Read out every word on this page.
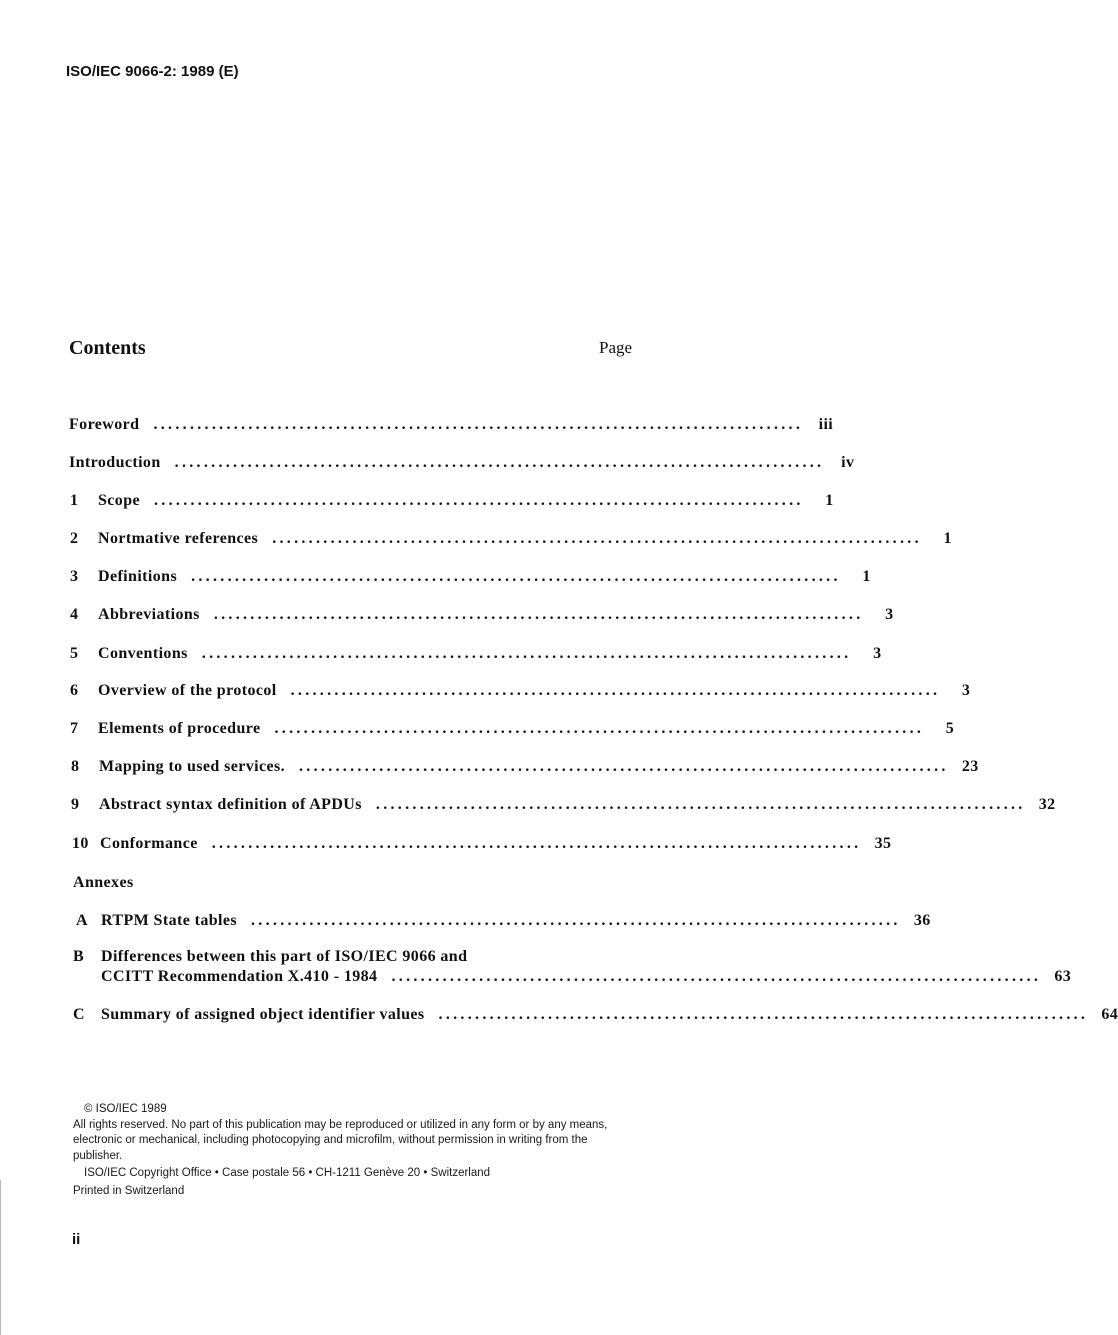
ISO/IEC 9066-2: 1989 (E)
Contents	Page
Foreword ......................................................................................... iii
Introduction .........................................................................................	iv
1	Scope .........................................................................................	1
2	Nortmative references .........................................................................................	1
3	Definitions .........................................................................................	1
4	Abbreviations .........................................................................................	3
5	Conventions .........................................................................................	3
6	Overview of the protocol .........................................................................................	3
7	Elements of procedure .........................................................................................	5
8	Mapping to used services. ......................................................................................... 23
9	Abstract syntax definition of APDUs ......................................................................................... 32
10 Conformance ......................................................................................... 35
Annexes
A RTPM State tables ......................................................................................... 36
B Differences between this part of ISO/IEC 9066 and
CCITT Recommendation X.410 - 1984 ......................................................................................... 63
C	Summary of assigned object identifier values ......................................................................................... 64

© ISO/IEC 1989

All rights reserved. No part of this publication may be reproduced or utilized in any form or by any means, electronic or mechanical, including photocopying and microfilm, without permission in writing from the publisher.

ISO/IEC Copyright Office • Case postale 56 • CH-1211 Genève 20 • Switzerland

Printed in Switzerland

ii
